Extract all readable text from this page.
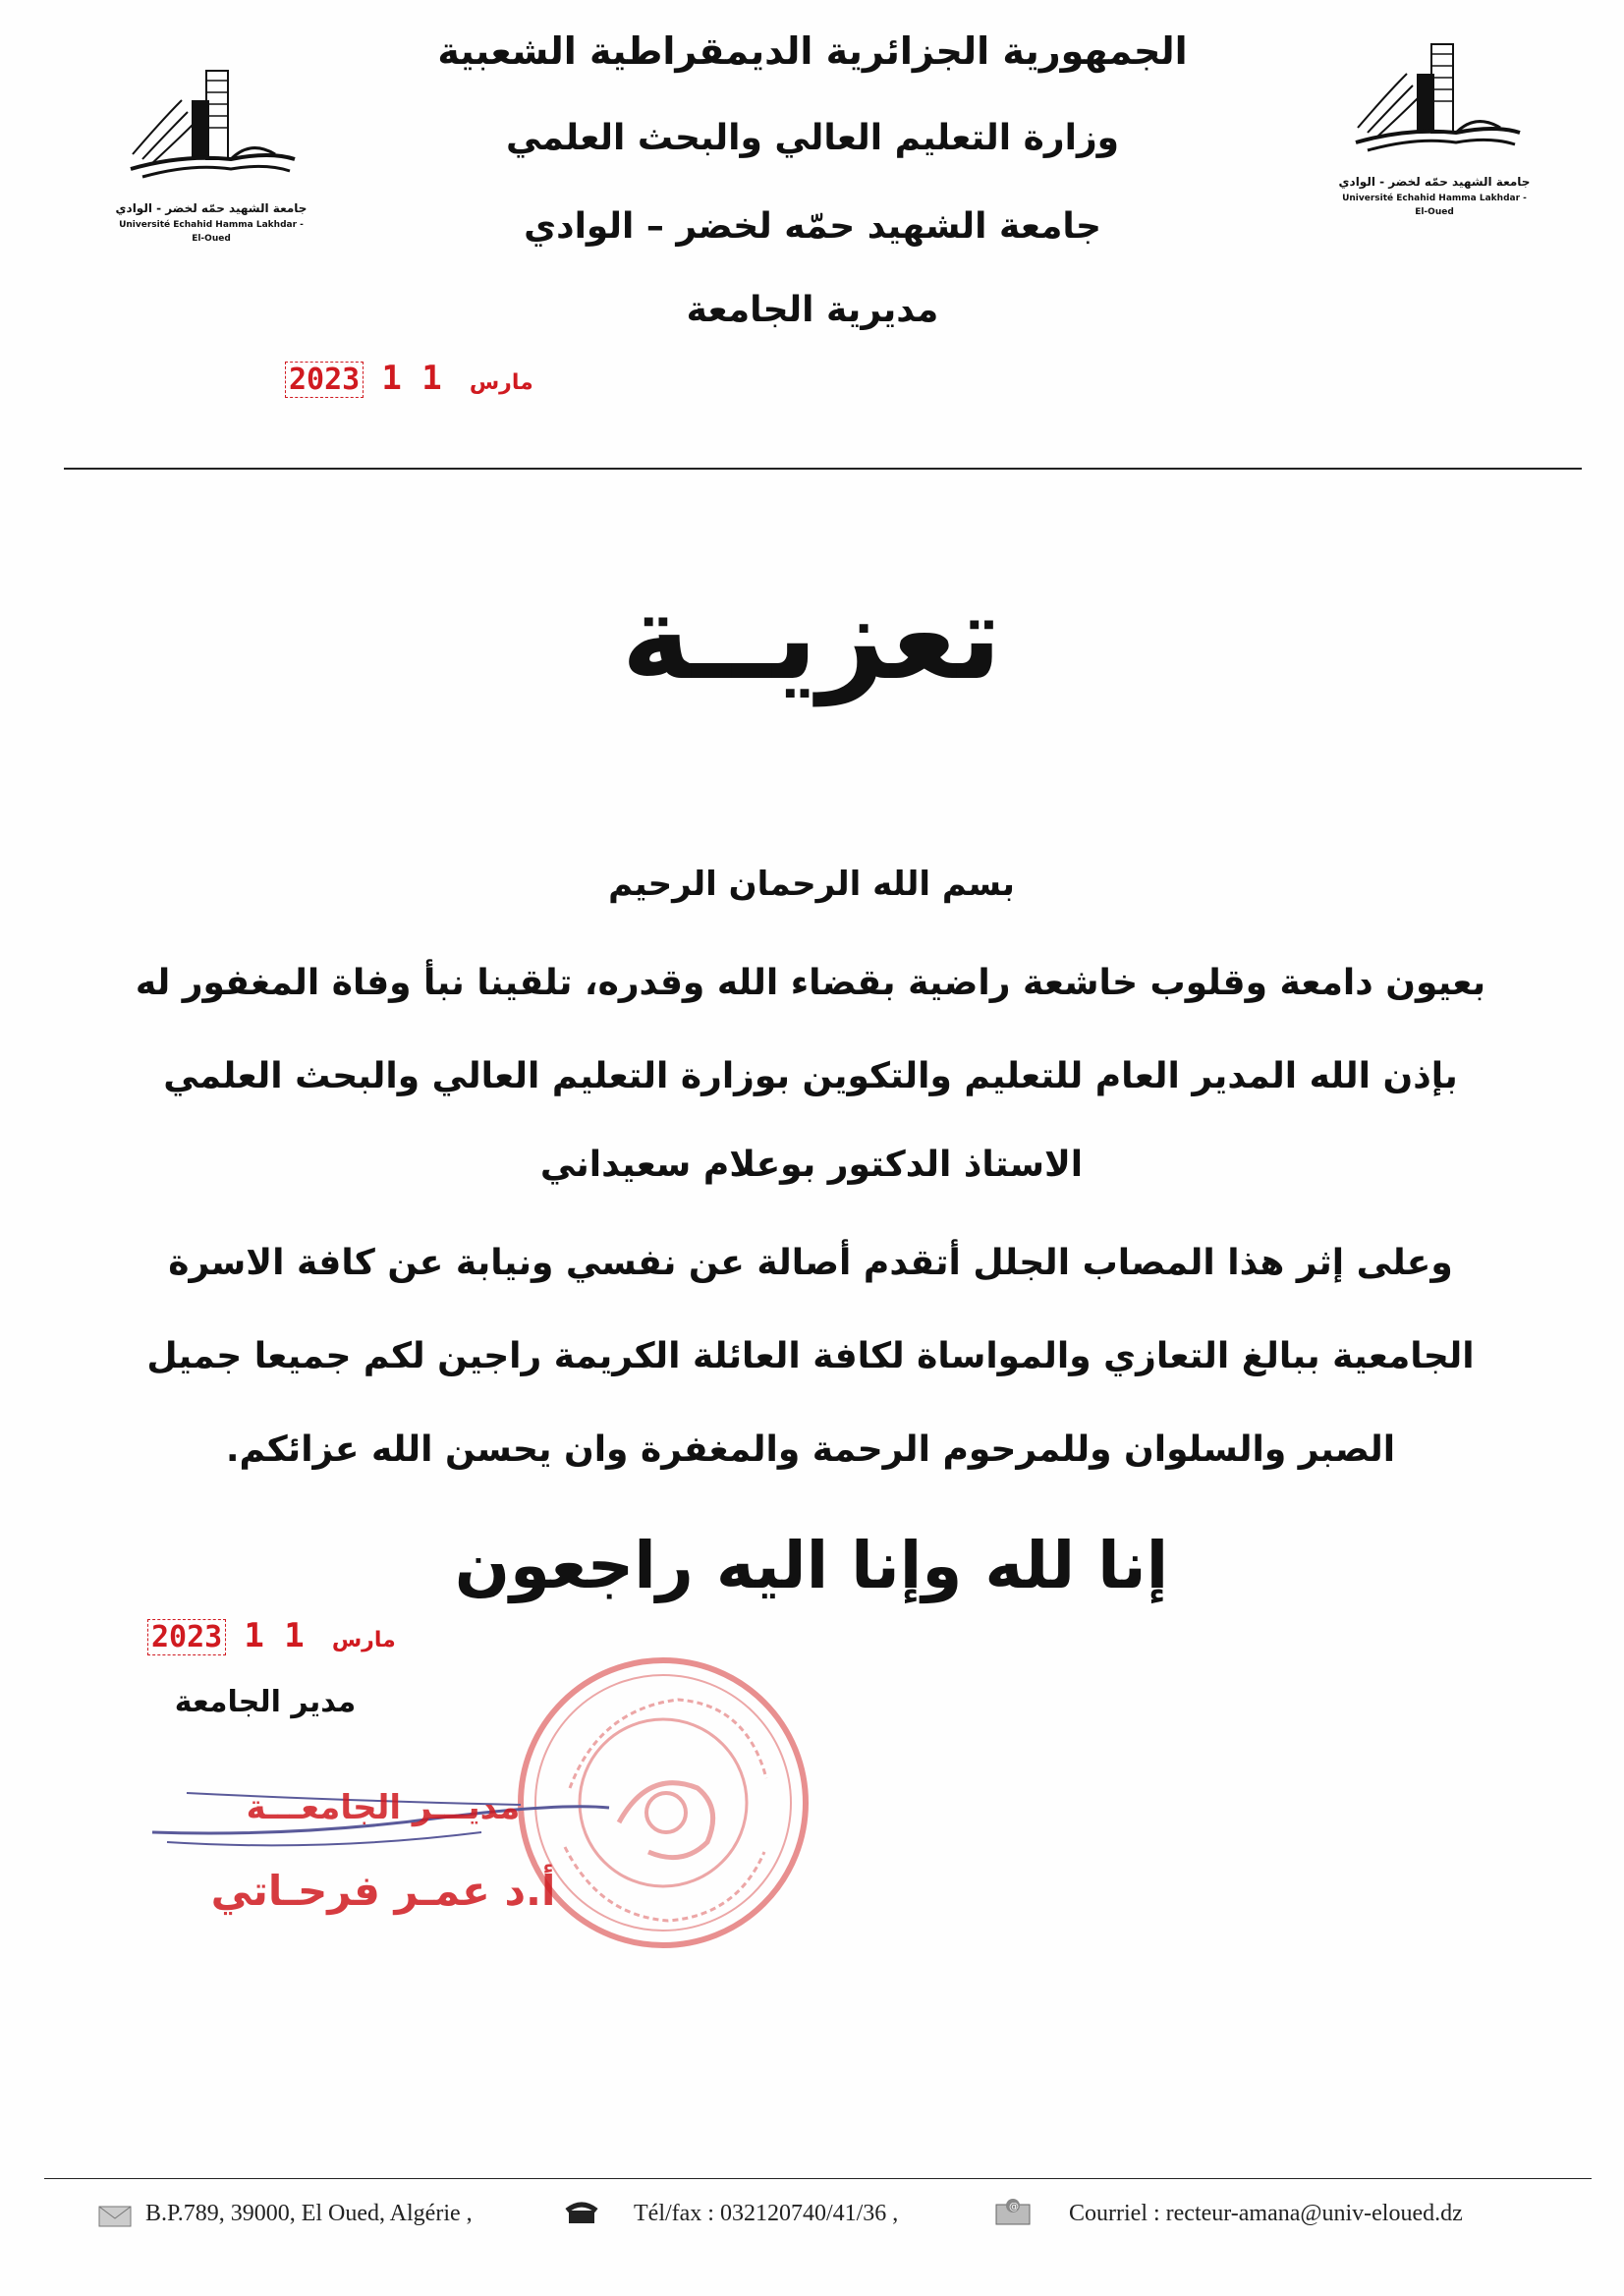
جامعة الشهيد حمّه لخضر - الوادي
Université Echahid Hamma Lakhdar - El-Oued
جامعة الشهيد حمّه لخضر - الوادي
Université Echahid Hamma Lakhdar - El-Oued
الجمهورية الجزائرية الديمقراطية الشعبية
وزارة التعليم العالي والبحث العلمي
جامعة الشهيد حمّه لخضر – الوادي
مديرية الجامعة
2023	مارس 1 1
تعزيــة
بسم الله الرحمان الرحيم
بعيون دامعة وقلوب خاشعة راضية بقضاء الله وقدره، تلقينا نبأ وفاة المغفور له
بإذن الله المدير العام للتعليم والتكوين بوزارة التعليم العالي والبحث العلمي
الاستاذ الدكتور بوعلام سعيداني
وعلى إثر هذا المصاب الجلل أتقدم أصالة عن نفسي ونيابة عن كافة الاسرة
الجامعية ببالغ التعازي والمواساة لكافة العائلة الكريمة راجين لكم جميعا جميل
الصبر والسلوان وللمرحوم الرحمة والمغفرة وان يحسن الله عزائكم.
إنا لله وإنا اليه راجعون
2023	مارس 1 1
مدير الجامعة
مديـــر الجامعـــة
أ.د عمـر فرحـاتي
B.P.789, 39000, El Oued, Algérie ,	Tél/fax : 032120740/41/36 ,	@ Courriel : recteur-amana@univ-eloued.dz
